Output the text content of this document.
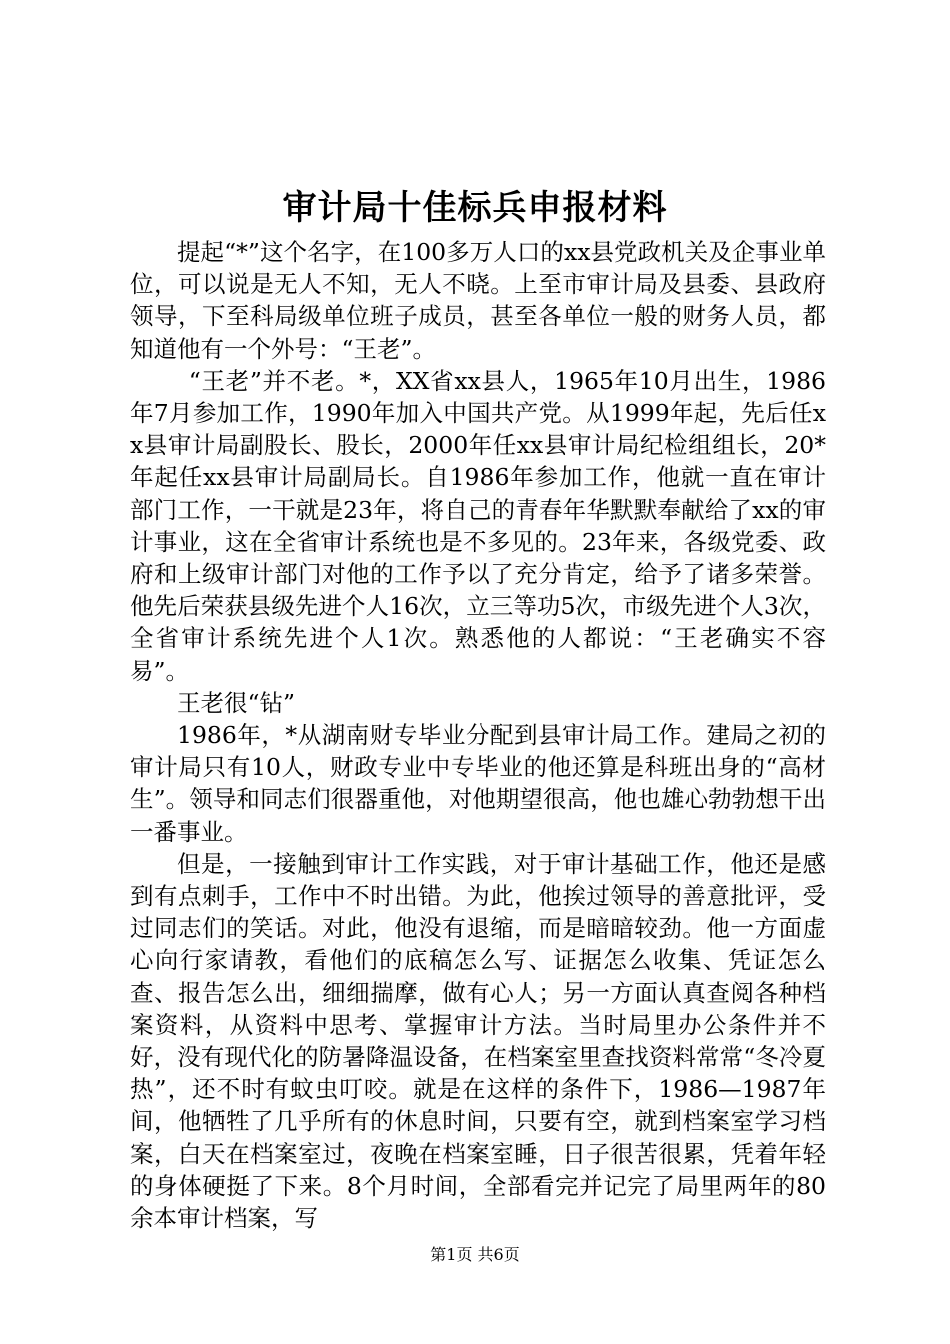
审计局十佳标兵申报材料

提起“*”这个名字，在100多万人口的xx县党政机关及企事业单位，可以说是无人不知，无人不晓。上至市审计局及县委、县政府领导，下至科局级单位班子成员，甚至各单位一般的财务人员，都知道他有一个外号：“王老”。

“王老”并不老。*，XX省xx县人，1965年10月出生，1986年7月参加工作，1990年加入中国共产党。从1999年起，先后任xx县审计局副股长、股长，2000年任xx县审计局纪检组组长，20*年起任xx县审计局副局长。自1986年参加工作，他就一直在审计部门工作，一干就是23年，将自己的青春年华默默奉献给了xx的审计事业，这在全省审计系统也是不多见的。23年来，各级党委、政府和上级审计部门对他的工作予以了充分肯定，给予了诸多荣誉。他先后荣获县级先进个人16次，立三等功5次，市级先进个人3次，全省审计系统先进个人1次。熟悉他的人都说：“王老确实不容易”。

王老很“钻”

1986年，*从湖南财专毕业分配到县审计局工作。建局之初的审计局只有10人，财政专业中专毕业的他还算是科班出身的“高材生”。领导和同志们很器重他，对他期望很高，他也雄心勃勃想干出一番事业。

但是，一接触到审计工作实践，对于审计基础工作，他还是感到有点刺手，工作中不时出错。为此，他挨过领导的善意批评，受过同志们的笑话。对此，他没有退缩，而是暗暗较劲。他一方面虚心向行家请教，看他们的底稿怎么写、证据怎么收集、凭证怎么查、报告怎么出，细细揣摩，做有心人；另一方面认真查阅各种档案资料，从资料中思考、掌握审计方法。当时局里办公条件并不好，没有现代化的防暑降温设备，在档案室里查找资料常常“冬冷夏热”，还不时有蚊虫叮咬。就是在这样的条件下，1986—1987年间，他牺牲了几乎所有的休息时间，只要有空，就到档案室学习档案，白天在档案室过，夜晚在档案室睡，日子很苦很累，凭着年轻的身体硬挺了下来。8个月时间，全部看完并记完了局里两年的80余本审计档案，写

第1页 共6页
